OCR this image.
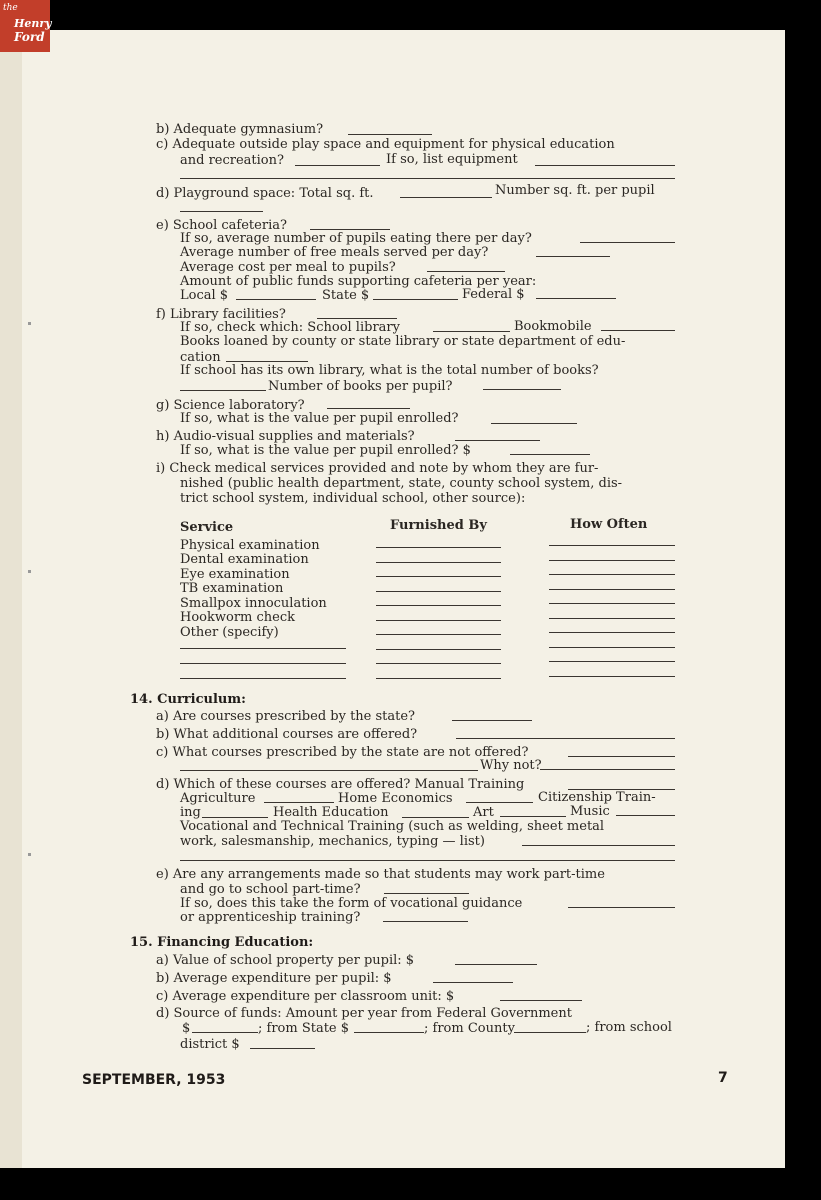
the
Henry
Ford
b) Adequate gymnasium?
c) Adequate outside play space and equipment for physical education
and recreation?	If so, list equipment
d) Playground space: Total sq. ft.	Number sq. ft. per pupil
e) School cafeteria?
If so, average number of pupils eating there per day?
Average number of free meals served per day?
Average cost per meal to pupils?
Amount of public funds supporting cafeteria per year:
Local $	State $	Federal $
f) Library facilities?
If so, check which: School library	Bookmobile
Books loaned by county or state library or state department of edu-
cation
If school has its own library, what is the total number of books?
Number of books per pupil?
g) Science laboratory?
If so, what is the value per pupil enrolled?
h) Audio-visual supplies and materials?
If so, what is the value per pupil enrolled? $
i) Check medical services provided and note by whom they are fur-
nished (public health department, state, county school system, dis-
trict school system, individual school, other source):
Service	Furnished By	How Often
Physical examination
Dental examination
Eye examination
TB examination
Smallpox innoculation
Hookworm check
Other (specify)
14. Curriculum:
a) Are courses prescribed by the state?
b) What additional courses are offered?
c) What courses prescribed by the state are not offered?
Why not?
d) Which of these courses are offered? Manual Training
Agriculture	Home Economics	Citizenship Train-
ing	Health Education	Art	Music
Vocational and Technical Training (such as welding, sheet metal
work, salesmanship, mechanics, typing — list)
e) Are any arrangements made so that students may work part-time
and go to school part-time?
If so, does this take the form of vocational guidance
or apprenticeship training?
15. Financing Education:
a) Value of school property per pupil: $
b) Average expenditure per pupil: $
c) Average expenditure per classroom unit: $
d) Source of funds: Amount per year from Federal Government
$	; from State $	; from County	; from school
district $
SEPTEMBER, 1953	7
